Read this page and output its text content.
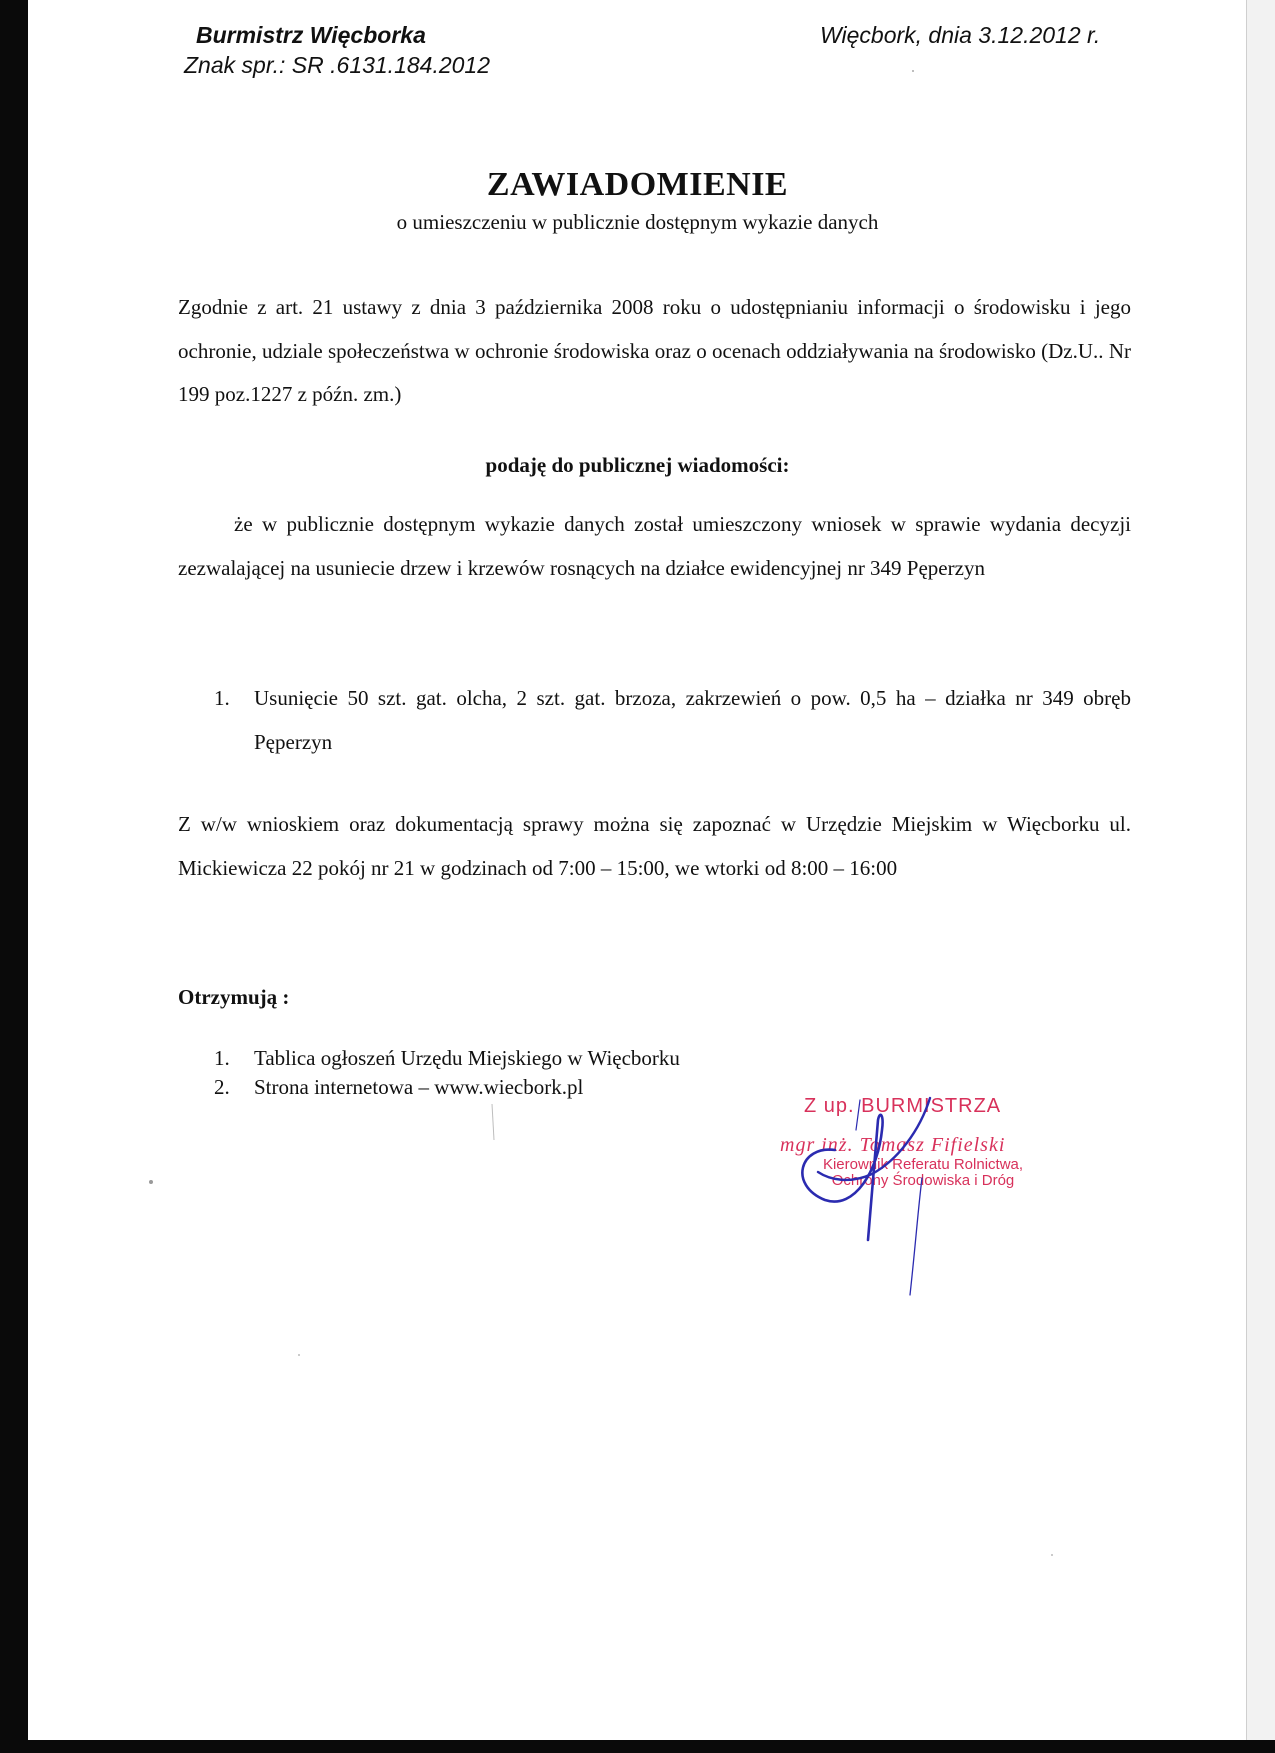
Burmistrz Więcborka
Znak spr.: SR .6131.184.2012
Więcbork, dnia 3.12.2012 r.
ZAWIADOMIENIE
o umieszczeniu w publicznie dostępnym wykazie danych
Zgodnie z art. 21 ustawy z dnia 3 października 2008 roku o udostępnianiu informacji o środowisku i jego ochronie, udziale społeczeństwa w ochronie środowiska oraz o ocenach oddziaływania na środowisko (Dz.U.. Nr 199 poz.1227 z późn. zm.)
podaję do publicznej wiadomości:
że w publicznie dostępnym wykazie danych został umieszczony wniosek w sprawie wydania decyzji zezwalającej na usuniecie drzew i krzewów rosnących na działce ewidencyjnej nr 349 Pęperzyn
1.	Usunięcie 50 szt. gat. olcha, 2 szt. gat. brzoza, zakrzewień o pow. 0,5 ha – działka nr 349 obręb Pęperzyn
Z w/w wnioskiem oraz dokumentacją sprawy można się zapoznać w Urzędzie Miejskim w Więcborku ul. Mickiewicza 22 pokój nr 21 w godzinach od 7:00 – 15:00, we wtorki od 8:00 – 16:00
Otrzymują :
1.	Tablica ogłoszeń Urzędu Miejskiego w Więcborku
2.	Strona internetowa – www.wiecbork.pl
Z up. BURMISTRZA
mgr inż. Tomasz Fifielski
Kierownik Referatu Rolnictwa,
Ochrony Środowiska i Dróg
